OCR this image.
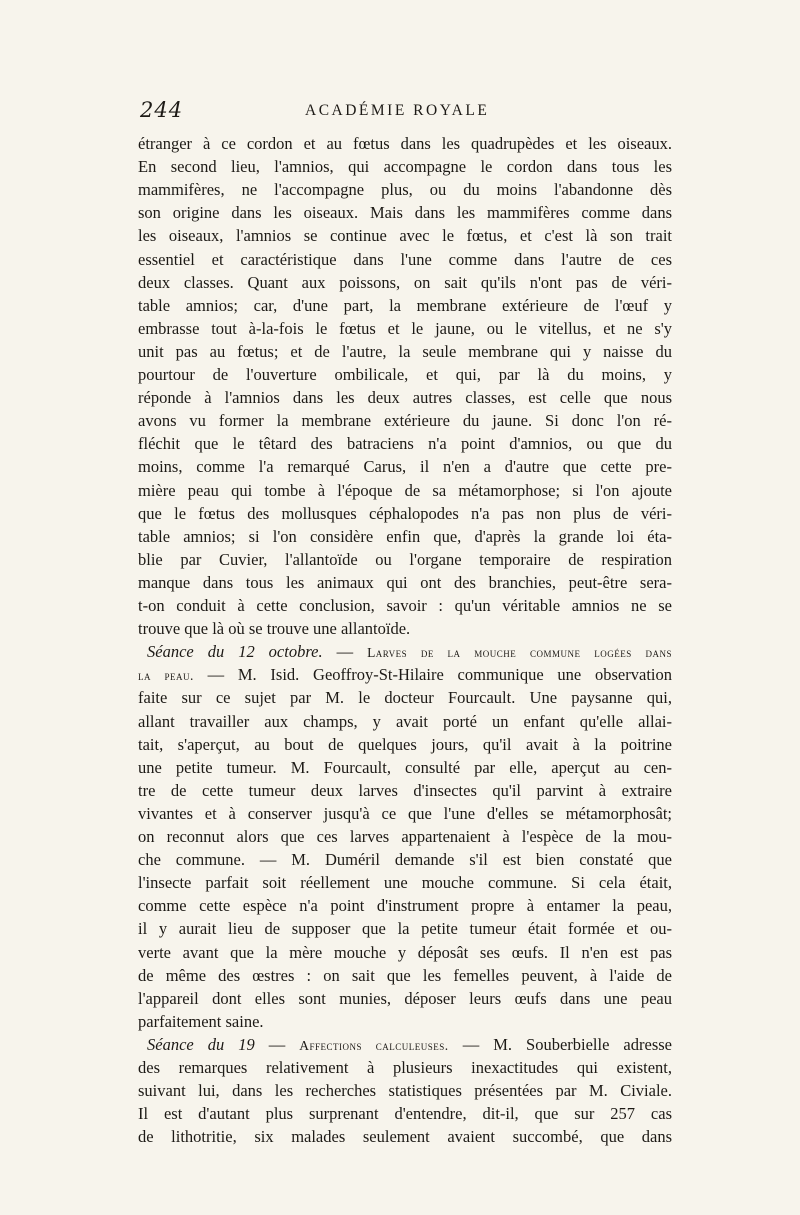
244	ACADÉMIE ROYALE
étranger à ce cordon et au fœtus dans les quadrupèdes et les oiseaux.
En second lieu, l'amnios, qui accompagne le cordon dans tous les
mammifères, ne l'accompagne plus, ou du moins l'abandonne dès
son origine dans les oiseaux. Mais dans les mammifères comme dans
les oiseaux, l'amnios se continue avec le fœtus, et c'est là son trait
essentiel et caractéristique dans l'une comme dans l'autre de ces
deux classes. Quant aux poissons, on sait qu'ils n'ont pas de véri-
table amnios; car, d'une part, la membrane extérieure de l'œuf y
embrasse tout à-la-fois le fœtus et le jaune, ou le vitellus, et ne s'y
unit pas au fœtus; et de l'autre, la seule membrane qui y naisse du
pourtour de l'ouverture ombilicale, et qui, par là du moins, y
réponde à l'amnios dans les deux autres classes, est celle que nous
avons vu former la membrane extérieure du jaune. Si donc l'on ré-
fléchit que le têtard des batraciens n'a point d'amnios, ou que du
moins, comme l'a remarqué Carus, il n'en a d'autre que cette pre-
mière peau qui tombe à l'époque de sa métamorphose; si l'on ajoute
que le fœtus des mollusques céphalopodes n'a pas non plus de véri-
table amnios; si l'on considère enfin que, d'après la grande loi éta-
blie par Cuvier, l'allantoïde ou l'organe temporaire de respiration
manque dans tous les animaux qui ont des branchies, peut-être sera-
t-on conduit à cette conclusion, savoir : qu'un véritable amnios ne se
trouve que là où se trouve une allantoïde.
Séance du 12 octobre. — Larves de la mouche commune logées dans
la peau. — M. Isid. Geoffroy-St-Hilaire communique une observation
faite sur ce sujet par M. le docteur Fourcault. Une paysanne qui,
allant travailler aux champs, y avait porté un enfant qu'elle allai-
tait, s'aperçut, au bout de quelques jours, qu'il avait à la poitrine
une petite tumeur. M. Fourcault, consulté par elle, aperçut au cen-
tre de cette tumeur deux larves d'insectes qu'il parvint à extraire
vivantes et à conserver jusqu'à ce que l'une d'elles se métamorphosât;
on reconnut alors que ces larves appartenaient à l'espèce de la mou-
che commune. — M. Duméril demande s'il est bien constaté que
l'insecte parfait soit réellement une mouche commune. Si cela était,
comme cette espèce n'a point d'instrument propre à entamer la peau,
il y aurait lieu de supposer que la petite tumeur était formée et ou-
verte avant que la mère mouche y déposât ses œufs. Il n'en est pas
de même des œstres : on sait que les femelles peuvent, à l'aide de
l'appareil dont elles sont munies, déposer leurs œufs dans une peau
parfaitement saine.
Séance du 19 — Affections calculeuses. — M. Souberbielle adresse
des remarques relativement à plusieurs inexactitudes qui existent,
suivant lui, dans les recherches statistiques présentées par M. Civiale.
Il est d'autant plus surprenant d'entendre, dit-il, que sur 257 cas
de lithotritie, six malades seulement avaient succombé, que dans
